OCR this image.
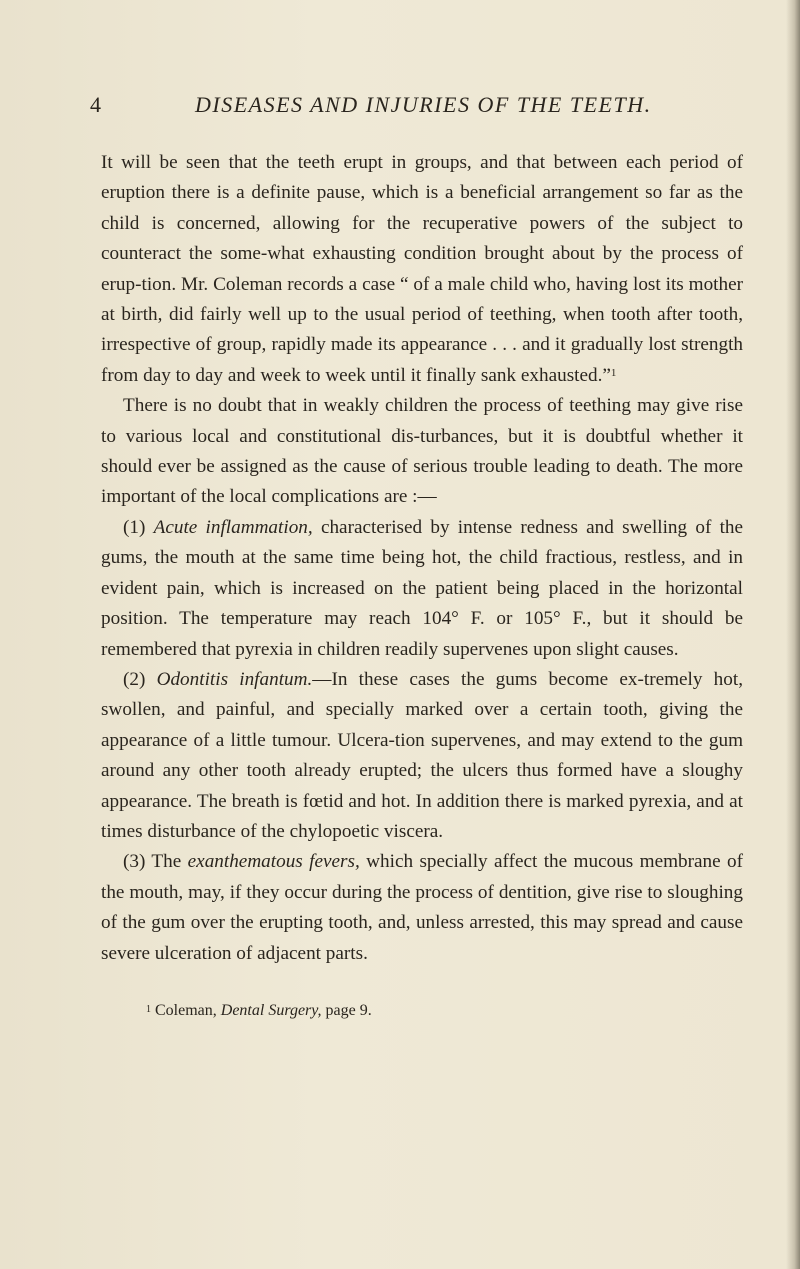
4	DISEASES AND INJURIES OF THE TEETH.

It will be seen that the teeth erupt in groups, and that between each period of eruption there is a definite pause, which is a beneficial arrangement so far as the child is concerned, allowing for the recuperative powers of the subject to counteract the some-what exhausting condition brought about by the process of erup-tion. Mr. Coleman records a case “ of a male child who, having lost its mother at birth, did fairly well up to the usual period of teething, when tooth after tooth, irrespective of group, rapidly made its appearance . . . and it gradually lost strength from day to day and week to week until it finally sank exhausted.”$^1$

There is no doubt that in weakly children the process of teething may give rise to various local and constitutional dis-turbances, but it is doubtful whether it should ever be assigned as the cause of serious trouble leading to death. The more important of the local complications are :—

(1) Acute inflammation, characterised by intense redness and swelling of the gums, the mouth at the same time being hot, the child fractious, restless, and in evident pain, which is increased on the patient being placed in the horizontal position. The temperature may reach 104° F. or 105° F., but it should be remembered that pyrexia in children readily supervenes upon slight causes.

(2) Odontitis infantum.—In these cases the gums become ex-tremely hot, swollen, and painful, and specially marked over a certain tooth, giving the appearance of a little tumour. Ulcera-tion supervenes, and may extend to the gum around any other tooth already erupted; the ulcers thus formed have a sloughy appearance. The breath is fœtid and hot. In addition there is marked pyrexia, and at times disturbance of the chylopoetic viscera.

(3) The exanthematous fevers, which specially affect the mucous membrane of the mouth, may, if they occur during the process of dentition, give rise to sloughing of the gum over the erupting tooth, and, unless arrested, this may spread and cause severe ulceration of adjacent parts.

$^1$ Coleman, Dental Surgery, page 9.
